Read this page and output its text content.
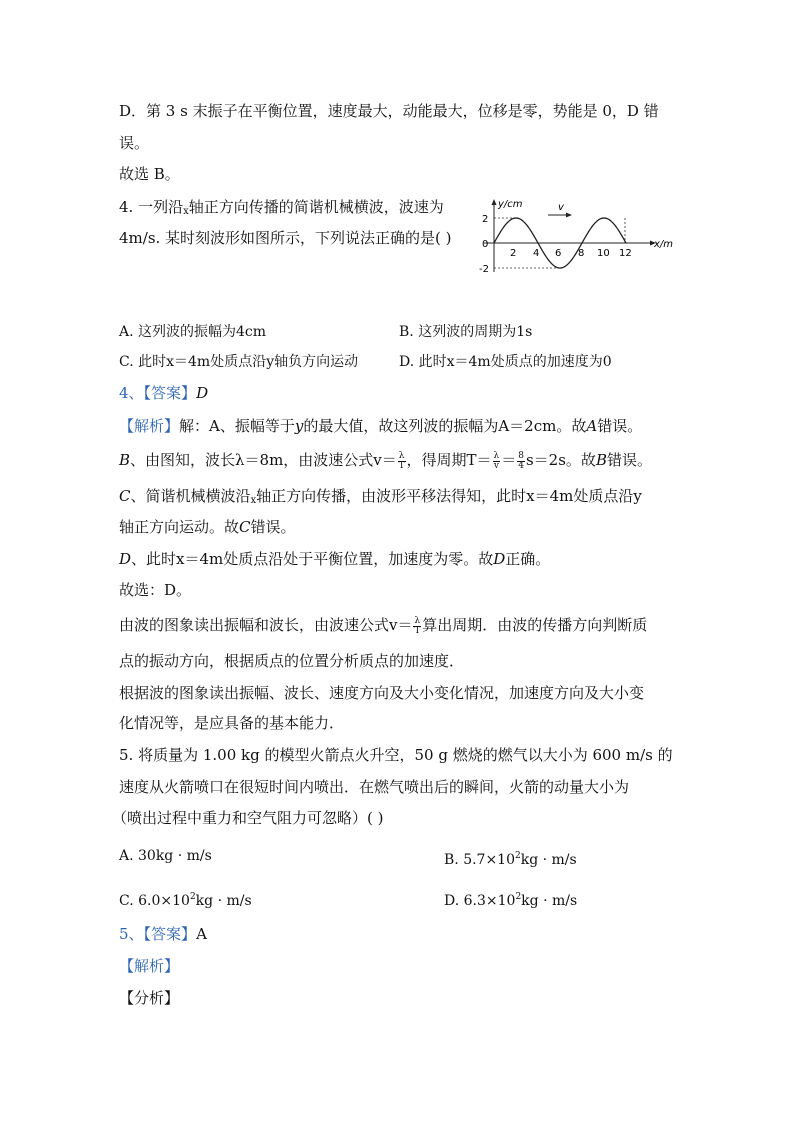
D．第 3 s 末振子在平衡位置，速度最大，动能最大，位移是零，势能是 0，D 错
误。
故选 B。
4. 一列沿$_x$轴正方向传播的简谐机械横波，波速为
4m/s. 某时刻波形如图所示，下列说法正确的是( )
v
y/cm
x/m
2
0
-2
2 4 6 8 10 12
A. 这列波的振幅为4cm	B. 这列波的周期为1s
C. 此时x＝4m处质点沿y轴负方向运动	D. 此时x＝4m处质点的加速度为0
4、【答案】D
【解析】解：A、振幅等于y的最大值，故这列波的振幅为A＝2cm。故A错误。
B、由图知，波长λ＝8m，由波速公式$v= \frac{\lambda}{T}$ ，得周期$T= \frac{\lambda}{v} = \frac{8}{4} s=2s$。故B错误。
C、简谐机械横波沿$_x$轴正方向传播，由波形平移法得知，此时x＝4m处质点沿y
轴正方向运动。故C错误。
D、此时x＝4m处质点沿处于平衡位置，加速度为零。故D正确。
故选：D。
由波的图象读出振幅和波长，由波速公式$v= \frac{\lambda}{T}$ 算出周期．由波的传播方向判断质
点的振动方向，根据质点的位置分析质点的加速度．
根据波的图象读出振幅、波长、速度方向及大小变化情况，加速度方向及大小变
化情况等，是应具备的基本能力．
5. 将质量为 1.00 kg 的模型火箭点火升空，50 g 燃烧的燃气以大小为 600 m/s 的
速度从火箭喷口在很短时间内喷出．在燃气喷出后的瞬间，火箭的动量大小为
（喷出过程中重力和空气阻力可忽略）( )
A. 30kg · m/s	B. $5.7\times 10^2kg \cdot m/s$
C. $6.0\times 10^2kg \cdot m/s$	D. $6.3\times 10^2kg \cdot m/s$
5、【答案】A
【解析】
【分析】
